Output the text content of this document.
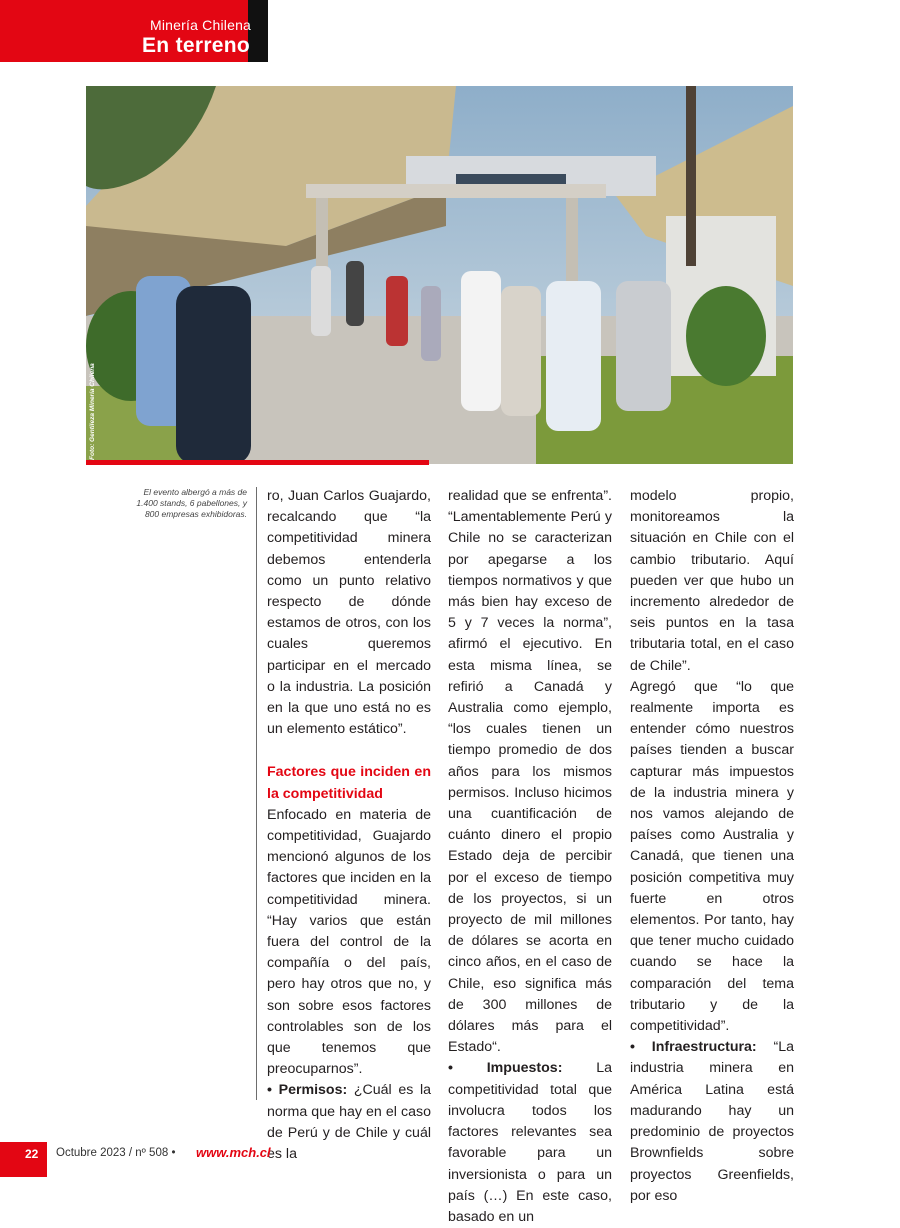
Minería Chilena
En terreno
Foto: Gentileza Minería Chilena
El evento albergó a más de 1.400 stands, 6 pabellones, y 800 empresas exhibidoras.

ro, Juan Carlos Guajardo, recalcando que “la competitividad minera debemos entenderla como un punto relativo respecto de dónde estamos de otros, con los cuales queremos participar en el mercado o la industria. La posición en la que uno está no es un elemento estático”.

Factores que inciden en la competitividad

Enfocado en materia de competitividad, Guajardo mencionó algunos de los factores que inciden en la competitividad minera. “Hay varios que están fuera del control de la compañía o del país, pero hay otros que no, y son sobre esos factores controlables son de los que tenemos que preocuparnos”.

• Permisos: ¿Cuál es la norma que hay en el caso de Perú y de Chile y cuál es la

realidad que se enfrenta”. “Lamentablemente Perú y Chile no se caracterizan por apegarse a los tiempos normativos y que más bien hay exceso de 5 y 7 veces la norma”, afirmó el ejecutivo. En esta misma línea, se refirió a Canadá y Australia como ejemplo, “los cuales tienen un tiempo promedio de dos años para los mismos permisos. Incluso hicimos una cuantificación de cuánto dinero el propio Estado deja de percibir por el exceso de tiempo de los proyectos, si un proyecto de mil millones de dólares se acorta en cinco años, en el caso de Chile, eso significa más de 300 millones de dólares más para el Estado“.

• Impuestos: La competitividad total que involucra todos los factores relevantes sea favorable para un inversionista o para un país (…) En este caso, basado en un

modelo propio, monitoreamos la situación en Chile con el cambio tributario. Aquí pueden ver que hubo un incremento alrededor de seis puntos en la tasa tributaria total, en el caso de Chile”.

Agregó que “lo que realmente importa es entender cómo nuestros países tienden a buscar capturar más impuestos de la industria minera y nos vamos alejando de países como Australia y Canadá, que tienen una posición competitiva muy fuerte en otros elementos. Por tanto, hay que tener mucho cuidado cuando se hace la comparación del tema tributario y de la competitividad”.

• Infraestructura: “La industria minera en América Latina está madurando hay un predominio de proyectos Brownfields sobre proyectos Greenfields, por eso

22 Octubre 2023 / nº 508 • www.mch.cl
